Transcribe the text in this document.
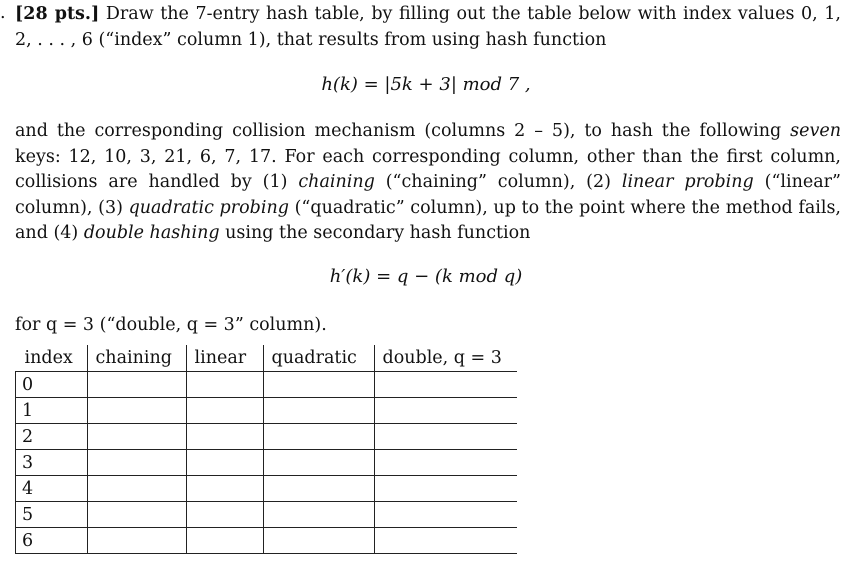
. [28 pts.] Draw the 7-entry hash table, by filling out the table below with index values 0, 1, 2, . . . , 6 (“index” column 1), that results from using hash function
h(k) = |5k + 3| mod 7 ,
and the corresponding collision mechanism (columns 2 – 5), to hash the following seven keys: 12, 10, 3, 21, 6, 7, 17. For each corresponding column, other than the first column, collisions are handled by (1) chaining (“chaining” column), (2) linear probing (“linear” column), (3) quadratic probing (“quadratic” column), up to the point where the method fails, and (4) double hashing using the secondary hash function
h′(k) = q − (k mod q)
for q = 3 (“double, q = 3” column).
index	chaining	linear	quadratic	double, q = 3
0				
1				
2				
3				
4				
5				
6				
